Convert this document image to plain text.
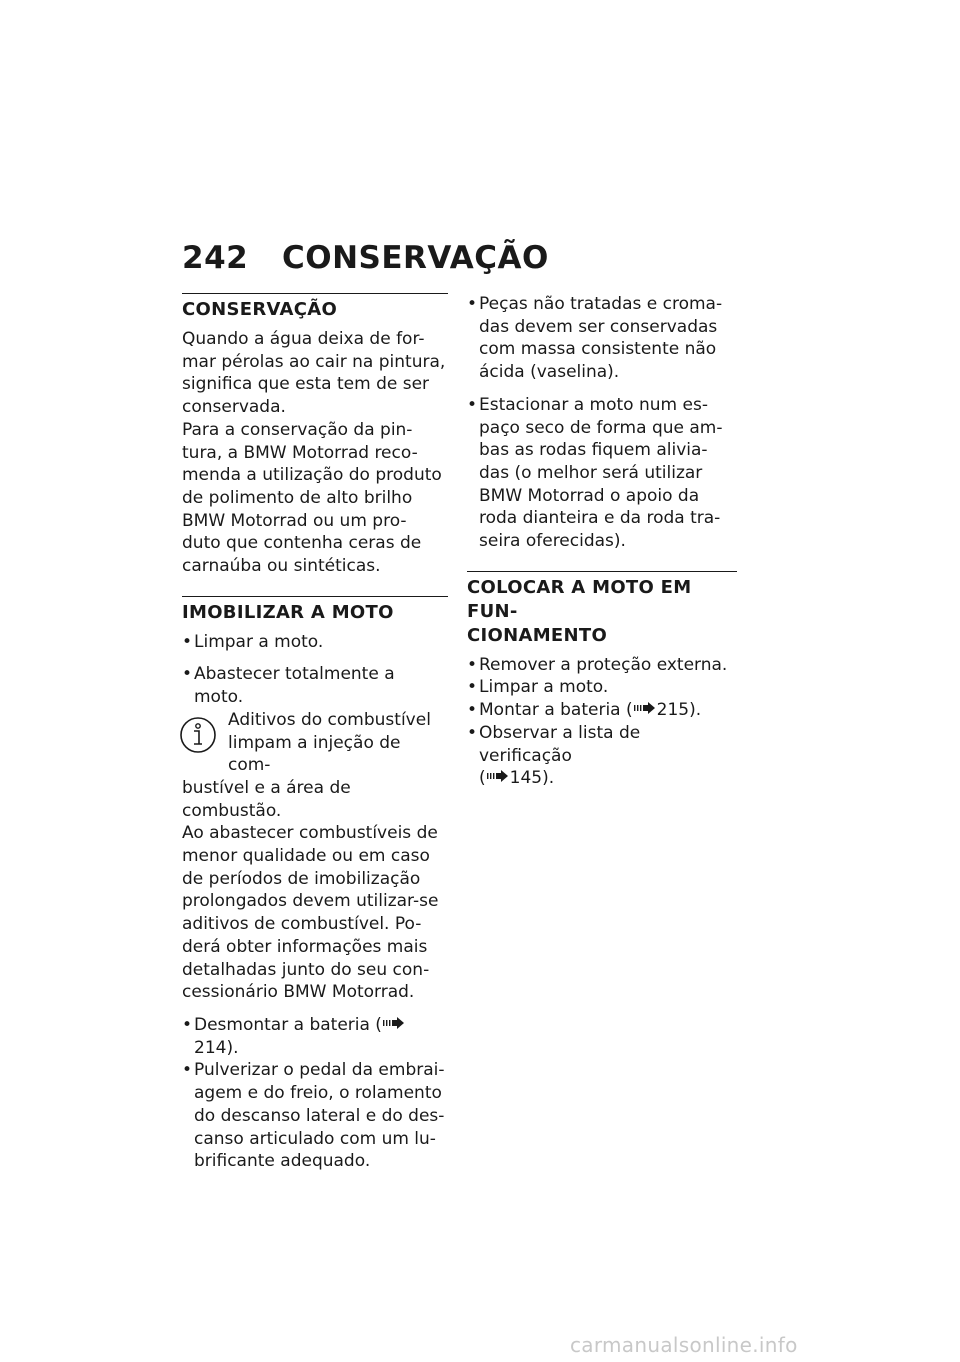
242 CONSERVAÇÃO
CONSERVAÇÃO

Quando a água deixa de for-

mar pérolas ao cair na pintura,

significa que esta tem de ser

conservada.

Para a conservação da pin-

tura, a BMW Motorrad reco-

menda a utilização do produto

de polimento de alto brilho

BMW Motorrad ou um pro-

duto que contenha ceras de

carnaúba ou sintéticas.

IMOBILIZAR A MOTO
• Limpar a moto.
• Abastecer totalmente a moto.

Aditivos do combustível

limpam a injeção de com-

bustível e a área de combustão.

Ao abastecer combustíveis de

menor qualidade ou em caso

de períodos de imobilização

prolongados devem utilizar-se

aditivos de combustível. Po-

derá obter informações mais

detalhadas junto do seu con-

cessionário BMW Motorrad.

• Desmontar a bateria (214).
• Pulverizar o pedal da embrai-
agem e do freio, o rolamento
do descanso lateral e do des-
canso articulado com um lu-
brificante adequado.
• Peças não tratadas e croma-
das devem ser conservadas
com massa consistente não
ácida (vaselina).
• Estacionar a moto num es-
paço seco de forma que am-
bas as rodas fiquem alivia-
das (o melhor será utilizar
BMW Motorrad o apoio da
roda dianteira e da roda tra-
seira oferecidas).
COLOCAR A MOTO EM FUN-
CIONAMENTO
• Remover a proteção externa.
• Limpar a moto.
• Montar a bateria ( 215).
• Observar a lista de verificação
( 145).
carmanualsonline.info
